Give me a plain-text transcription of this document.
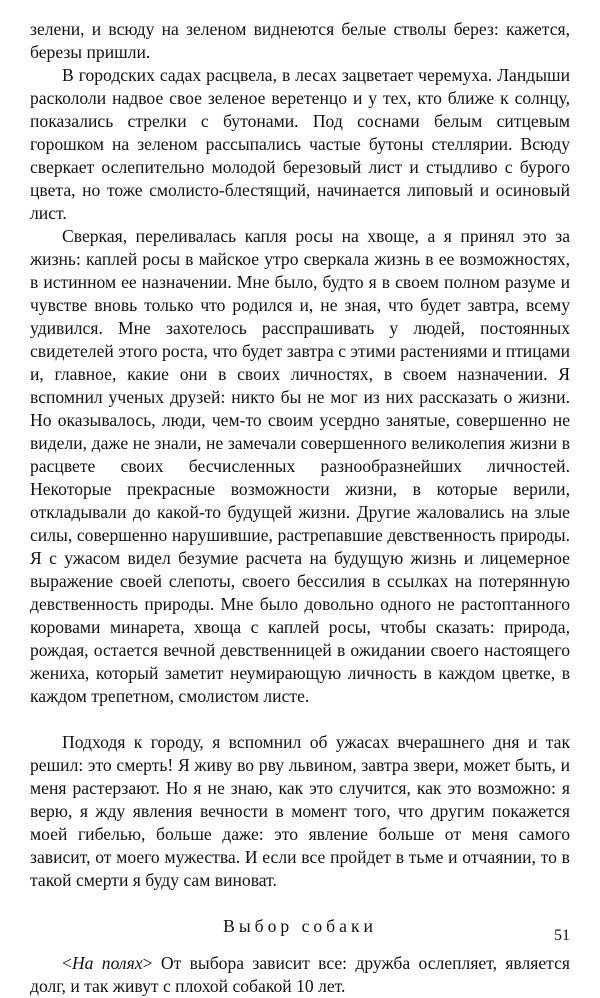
зелени, и всюду на зеленом виднеются белые стволы берез: кажется, березы пришли.

В городских садах расцвела, в лесах зацветает черемуха. Ландыши раскололи надвое свое зеленое веретенцо и у тех, кто ближе к солнцу, показались стрелки с бутонами. Под соснами белым ситцевым горошком на зеленом рассыпались частые бутоны стеллярии. Всюду сверкает ослепительно молодой березовый лист и стыдливо с бурого цвета, но тоже смолисто-блестящий, начинается липовый и осиновый лист.

Сверкая, переливалась капля росы на хвоще, а я принял это за жизнь: каплей росы в майское утро сверкала жизнь в ее возможностях, в истинном ее назначении. Мне было, будто я в своем полном разуме и чувстве вновь только что родился и, не зная, что будет завтра, всему удивился. Мне захотелось расспрашивать у людей, постоянных свидетелей этого роста, что будет завтра с этими растениями и птицами и, главное, какие они в своих личностях, в своем назначении. Я вспомнил ученых друзей: никто бы не мог из них рассказать о жизни. Но оказывалось, люди, чем-то своим усердно занятые, совершенно не видели, даже не знали, не замечали совершенного великолепия жизни в расцвете своих бесчисленных разнообразнейших личностей. Некоторые прекрасные возможности жизни, в которые верили, откладывали до какой-то будущей жизни. Другие жаловались на злые силы, совершенно нарушившие, растрепавшие девственность природы. Я с ужасом видел безумие расчета на будущую жизнь и лицемерное выражение своей слепоты, своего бессилия в ссылках на потерянную девственность природы. Мне было довольно одного не растоптанного коровами минарета, хвоща с каплей росы, чтобы сказать: природа, рождая, остается вечной девственницей в ожидании своего настоящего жениха, который заметит неумирающую личность в каждом цветке, в каждом трепетном, смолистом листе.

Подходя к городу, я вспомнил об ужасах вчерашнего дня и так решил: это смерть! Я живу во рву львином, завтра звери, может быть, и меня растерзают. Но я не знаю, как это случится, как это возможно: я верю, я жду явления вечности в момент того, что другим покажется моей гибелью, больше даже: это явление больше от меня самого зависит, от моего мужества. И если все пройдет в тьме и отчаянии, то в такой смерти я буду сам виноват.

Выбор собаки

<На полях> От выбора зависит все: дружба ослепляет, является долг, и так живут с плохой собакой 10 лет.

51
